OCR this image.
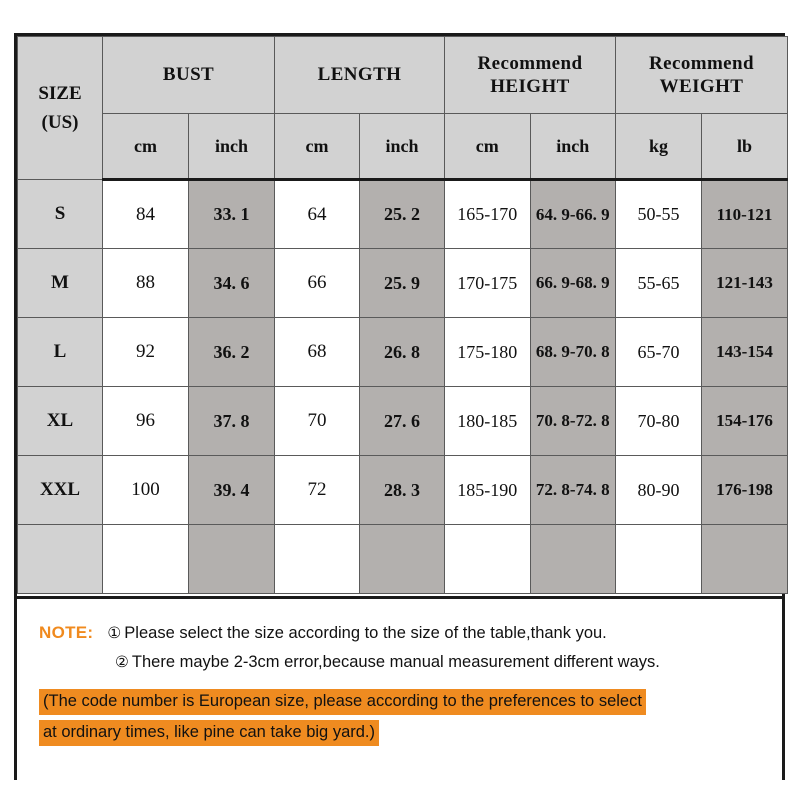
SIZE
(US)

BUST	LENGTH

Recommend
HEIGHT

Recommend
WEIGHT

	cm	inch	cm	inch	cm	inch	kg	lb
S	84	33. 1	64	25. 2	165-170	64. 9-66. 9	50-55	110-121
M	88	34. 6	66	25. 9	170-175	66. 9-68. 9	55-65	121-143
L	92	36. 2	68	26. 8	175-180	68. 9-70. 8	65-70	143-154
XL	96	37. 8	70	27. 6	180-185	70. 8-72. 8	70-80	154-176
XXL	100	39. 4	72	28. 3	185-190	72. 8-74. 8	80-90	176-198

NOTE: ① Please select the size according to the size of the table,thank you.
② There maybe 2-3cm error,because manual measurement different ways.
(The code number is European size, please according to the preferences to select
at ordinary times, like pine can take big yard.)
